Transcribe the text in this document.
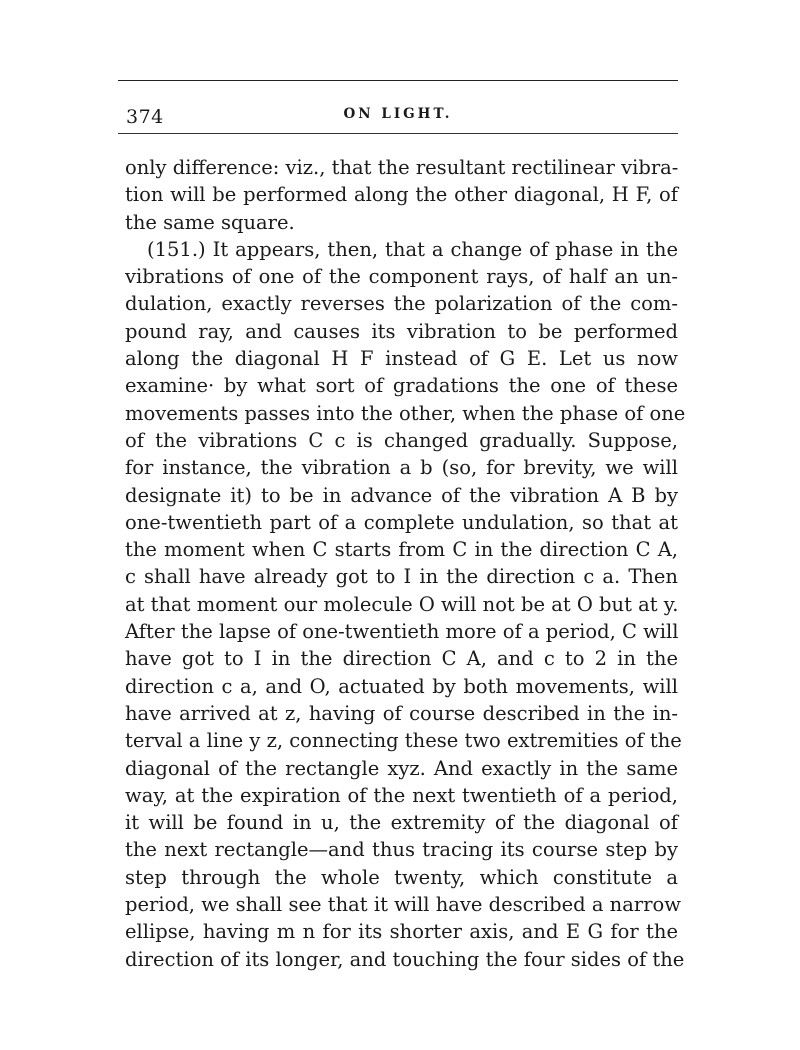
374	ON LIGHT.
only difference: viz., that the resultant rectilinear vibra-
tion will be performed along the other diagonal, H F, of
the same square.
(151.) It appears, then, that a change of phase in the
vibrations of one of the component rays, of half an un-
dulation, exactly reverses the polarization of the com-
pound ray, and causes its vibration to be performed
along the diagonal H F instead of G E. Let us now
examine· by what sort of gradations the one of these
movements passes into the other, when the phase of one
of the vibrations C c is changed gradually. Suppose,
for instance, the vibration a b (so, for brevity, we will
designate it) to be in advance of the vibration A B by
one-twentieth part of a complete undulation, so that at
the moment when C starts from C in the direction C A,
c shall have already got to I in the direction c a. Then
at that moment our molecule O will not be at O but at y.
After the lapse of one-twentieth more of a period, C will
have got to I in the direction C A, and c to 2 in the
direction c a, and O, actuated by both movements, will
have arrived at z, having of course described in the in-
terval a line y z, connecting these two extremities of the
diagonal of the rectangle xyz. And exactly in the same
way, at the expiration of the next twentieth of a period,
it will be found in u, the extremity of the diagonal of
the next rectangle—and thus tracing its course step by
step through the whole twenty, which constitute a
period, we shall see that it will have described a narrow
ellipse, having m n for its shorter axis, and E G for the
direction of its longer, and touching the four sides of the
